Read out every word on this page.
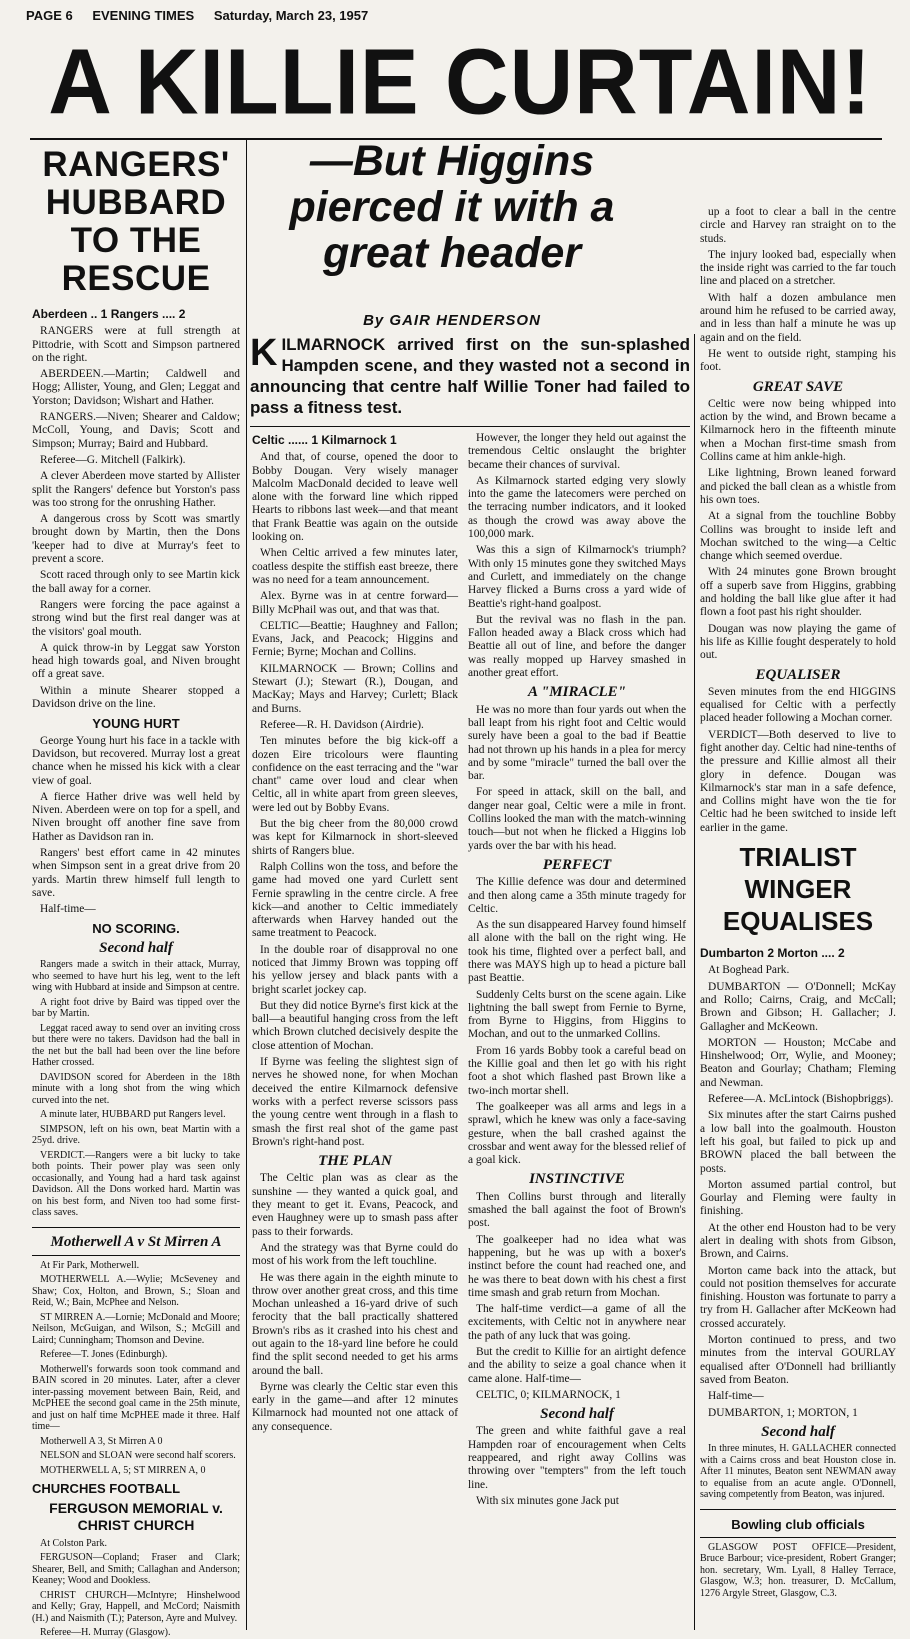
PAGE 6 EVENING TIMES Saturday, March 23, 1957
A KILLIE CURTAIN!
RANGERS' HUBBARD TO THE RESCUE
Aberdeen .. 1 Rangers .... 2

RANGERS were at full strength at Pittodrie, with Scott and Simpson partnered on the right.

ABERDEEN.—Martin; Caldwell and Hogg; Allister, Young, and Glen; Leggat and Yorston; Davidson; Wishart and Hather.

RANGERS.—Niven; Shearer and Caldow; McColl, Young, and Davis; Scott and Simpson; Murray; Baird and Hubbard.

Referee—G. Mitchell (Falkirk).

A clever Aberdeen move started by Allister split the Rangers' defence but Yorston's pass was too strong for the onrushing Hather.

A dangerous cross by Scott was smartly brought down by Martin, then the Dons 'keeper had to dive at Murray's feet to prevent a score.

Scott raced through only to see Martin kick the ball away for a corner.

Rangers were forcing the pace against a strong wind but the first real danger was at the visitors' goal mouth.

A quick throw-in by Leggat saw Yorston head high towards goal, and Niven brought off a great save.

Within a minute Shearer stopped a Davidson drive on the line.

YOUNG HURT

George Young hurt his face in a tackle with Davidson, but recovered. Murray lost a great chance when he missed his kick with a clear view of goal.

A fierce Hather drive was well held by Niven. Aberdeen were on top for a spell, and Niven brought off another fine save from Hather as Davidson ran in.

Rangers' best effort came in 42 minutes when Simpson sent in a great drive from 20 yards. Martin threw himself full length to save.

Half-time—

NO SCORING.
Second half

Rangers made a switch in their attack, Murray, who seemed to have hurt his leg, went to the left wing with Hubbard at inside and Simpson at centre.

A right foot drive by Baird was tipped over the bar by Martin.

Leggat raced away to send over an inviting cross but there were no takers. Davidson had the ball in the net but the ball had been over the line before Hather crossed.

DAVIDSON scored for Aberdeen in the 18th minute with a long shot from the wing which curved into the net.

A minute later, HUBBARD put Rangers level.

SIMPSON, left on his own, beat Martin with a 25yd. drive.

VERDICT.—Rangers were a bit lucky to take both points. Their power play was seen only occasionally, and Young had a hard task against Davidson. All the Dons worked hard. Martin was on his best form, and Niven too had some first-class saves.

Motherwell A v St Mirren A

At Fir Park, Motherwell.

MOTHERWELL A.—Wylie; McSeveney and Shaw; Cox, Holton, and Brown, S.; Sloan and Reid, W.; Bain, McPhee and Nelson.

ST MIRREN A.—Lornie; McDonald and Moore; Neilson, McGuigan, and Wilson, S.; McGill and Laird; Cunningham; Thomson and Devine.

Referee—T. Jones (Edinburgh).

Motherwell's forwards soon took command and BAIN scored in 20 minutes. Later, after a clever inter-passing movement between Bain, Reid, and McPHEE the second goal came in the 25th minute, and just on half time McPHEE made it three. Half time—

Motherwell A 3, St Mirren A 0

NELSON and SLOAN were second half scorers.

MOTHERWELL A, 5; ST MIRREN A, 0

CHURCHES FOOTBALL
FERGUSON MEMORIAL v. CHRIST CHURCH

At Colston Park.

FERGUSON—Copland; Fraser and Clark; Shearer, Bell, and Smith; Callaghan and Anderson; Keaney; Wood and Dookless.

CHRIST CHURCH—McIntyre; Hinshelwood and Kelly; Gray, Happell, and McCord; Naismith (H.) and Naismith (T.); Paterson, Ayre and Mulvey.

Referee—H. Murray (Glasgow).

—But Higgins pierced it with a great header
By GAIR HENDERSON
KILMARNOCK arrived first on the sun-splashed Hampden scene, and they wasted not a second in announcing that centre half Willie Toner had failed to pass a fitness test.
Celtic ...... 1 Kilmarnock 1

And that, of course, opened the door to Bobby Dougan. Very wisely manager Malcolm MacDonald decided to leave well alone with the forward line which ripped Hearts to ribbons last week—and that meant that Frank Beattie was again on the outside looking on.

When Celtic arrived a few minutes later, coatless despite the stiffish east breeze, there was no need for a team announcement.

Alex. Byrne was in at centre forward—Billy McPhail was out, and that was that.

CELTIC—Beattie; Haughney and Fallon; Evans, Jack, and Peacock; Higgins and Fernie; Byrne; Mochan and Collins.

KILMARNOCK — Brown; Collins and Stewart (J.); Stewart (R.), Dougan, and MacKay; Mays and Harvey; Curlett; Black and Burns.

Referee—R. H. Davidson (Airdrie).

Ten minutes before the big kick-off a dozen Eire tricolours were flaunting confidence on the east terracing and the "war chant" came over loud and clear when Celtic, all in white apart from green sleeves, were led out by Bobby Evans.

But the big cheer from the 80,000 crowd was kept for Kilmarnock in short-sleeved shirts of Rangers blue.

Ralph Collins won the toss, and before the game had moved one yard Curlett sent Fernie sprawling in the centre circle. A free kick—and another to Celtic immediately afterwards when Harvey handed out the same treatment to Peacock.

In the double roar of disapproval no one noticed that Jimmy Brown was topping off his yellow jersey and black pants with a bright scarlet jockey cap.

But they did notice Byrne's first kick at the ball—a beautiful hanging cross from the left which Brown clutched decisively despite the close attention of Mochan.

If Byrne was feeling the slightest sign of nerves he showed none, for when Mochan deceived the entire Kilmarnock defensive works with a perfect reverse scissors pass the young centre went through in a flash to smash the first real shot of the game past Brown's right-hand post.

THE PLAN

The Celtic plan was as clear as the sunshine — they wanted a quick goal, and they meant to get it. Evans, Peacock, and even Haughney were up to smash pass after pass to their forwards.

And the strategy was that Byrne could do most of his work from the left touchline.

He was there again in the eighth minute to throw over another great cross, and this time Mochan unleashed a 16-yard drive of such ferocity that the ball practically shattered Brown's ribs as it crashed into his chest and out again to the 18-yard line before he could find the split second needed to get his arms around the ball.

Byrne was clearly the Celtic star even this early in the game—and after 12 minutes Kilmarnock had mounted not one attack of any consequence.

However, the longer they held out against the tremendous Celtic onslaught the brighter became their chances of survival.

As Kilmarnock started edging very slowly into the game the latecomers were perched on the terracing number indicators, and it looked as though the crowd was away above the 100,000 mark.

Was this a sign of Kilmarnock's triumph? With only 15 minutes gone they switched Mays and Curlett, and immediately on the change Harvey flicked a Burns cross a yard wide of Beattie's right-hand goalpost.

But the revival was no flash in the pan. Fallon headed away a Black cross which had Beattie all out of line, and before the danger was really mopped up Harvey smashed in another great effort.

A "MIRACLE"

He was no more than four yards out when the ball leapt from his right foot and Celtic would surely have been a goal to the bad if Beattie had not thrown up his hands in a plea for mercy and by some "miracle" turned the ball over the bar.

For speed in attack, skill on the ball, and danger near goal, Celtic were a mile in front. Collins looked the man with the match-winning touch—but not when he flicked a Higgins lob yards over the bar with his head.

PERFECT

The Killie defence was dour and determined and then along came a 35th minute tragedy for Celtic.

As the sun disappeared Harvey found himself all alone with the ball on the right wing. He took his time, flighted over a perfect ball, and there was MAYS high up to head a picture ball past Beattie.

Suddenly Celts burst on the scene again. Like lightning the ball swept from Fernie to Byrne, from Byrne to Higgins, from Higgins to Mochan, and out to the unmarked Collins.

From 16 yards Bobby took a careful bead on the Killie goal and then let go with his right foot a shot which flashed past Brown like a two-inch mortar shell.

The goalkeeper was all arms and legs in a sprawl, which he knew was only a face-saving gesture, when the ball crashed against the crossbar and went away for the blessed relief of a goal kick.

INSTINCTIVE

Then Collins burst through and literally smashed the ball against the foot of Brown's post.

The goalkeeper had no idea what was happening, but he was up with a boxer's instinct before the count had reached one, and he was there to beat down with his chest a first time smash and grab return from Mochan.

The half-time verdict—a game of all the excitements, with Celtic not in anywhere near the path of any luck that was going.

But the credit to Killie for an airtight defence and the ability to seize a goal chance when it came alone. Half-time—

CELTIC, 0; KILMARNOCK, 1

Second half

The green and white faithful gave a real Hampden roar of encouragement when Celts reappeared, and right away Collins was throwing over "tempters" from the left touch line.

With six minutes gone Jack put

up a foot to clear a ball in the centre circle and Harvey ran straight on to the studs.

The injury looked bad, especially when the inside right was carried to the far touch line and placed on a stretcher.

With half a dozen ambulance men around him he refused to be carried away, and in less than half a minute he was up again and on the field.

He went to outside right, stamping his foot.

GREAT SAVE

Celtic were now being whipped into action by the wind, and Brown became a Kilmarnock hero in the fifteenth minute when a Mochan first-time smash from Collins came at him ankle-high.

Like lightning, Brown leaned forward and picked the ball clean as a whistle from his own toes.

At a signal from the touchline Bobby Collins was brought to inside left and Mochan switched to the wing—a Celtic change which seemed overdue.

With 24 minutes gone Brown brought off a superb save from Higgins, grabbing and holding the ball like glue after it had flown a foot past his right shoulder.

Dougan was now playing the game of his life as Killie fought desperately to hold out.

EQUALISER

Seven minutes from the end HIGGINS equalised for Celtic with a perfectly placed header following a Mochan corner.

VERDICT—Both deserved to live to fight another day. Celtic had nine-tenths of the pressure and Killie almost all their glory in defence. Dougan was Kilmarnock's star man in a safe defence, and Collins might have won the tie for Celtic had he been switched to inside left earlier in the game.

TRIALIST WINGER EQUALISES
Dumbarton 2 Morton .... 2

At Boghead Park.

DUMBARTON — O'Donnell; McKay and Rollo; Cairns, Craig, and McCall; Brown and Gibson; H. Gallacher; J. Gallagher and McKeown.

MORTON — Houston; McCabe and Hinshelwood; Orr, Wylie, and Mooney; Beaton and Gourlay; Chatham; Fleming and Newman.

Referee—A. McLintock (Bishopbriggs).

Six minutes after the start Cairns pushed a low ball into the goalmouth. Houston left his goal, but failed to pick up and BROWN placed the ball between the posts.

Morton assumed partial control, but Gourlay and Fleming were faulty in finishing.

At the other end Houston had to be very alert in dealing with shots from Gibson, Brown, and Cairns.

Morton came back into the attack, but could not position themselves for accurate finishing. Houston was fortunate to parry a try from H. Gallacher after McKeown had crossed accurately.

Morton continued to press, and two minutes from the interval GOURLAY equalised after O'Donnell had brilliantly saved from Beaton.

Half-time—

DUMBARTON, 1; MORTON, 1

Second half

In three minutes, H. GALLACHER connected with a Cairns cross and beat Houston close in. After 11 minutes, Beaton sent NEWMAN away to equalise from an acute angle. O'Donnell, saving competently from Beaton, was injured.

Bowling club officials

GLASGOW POST OFFICE—President, Bruce Barbour; vice-president, Robert Granger; hon. secretary, Wm. Lyall, 8 Halley Terrace, Glasgow, W.3; hon. treasurer, D. McCallum, 1276 Argyle Street, Glasgow, C.3.
